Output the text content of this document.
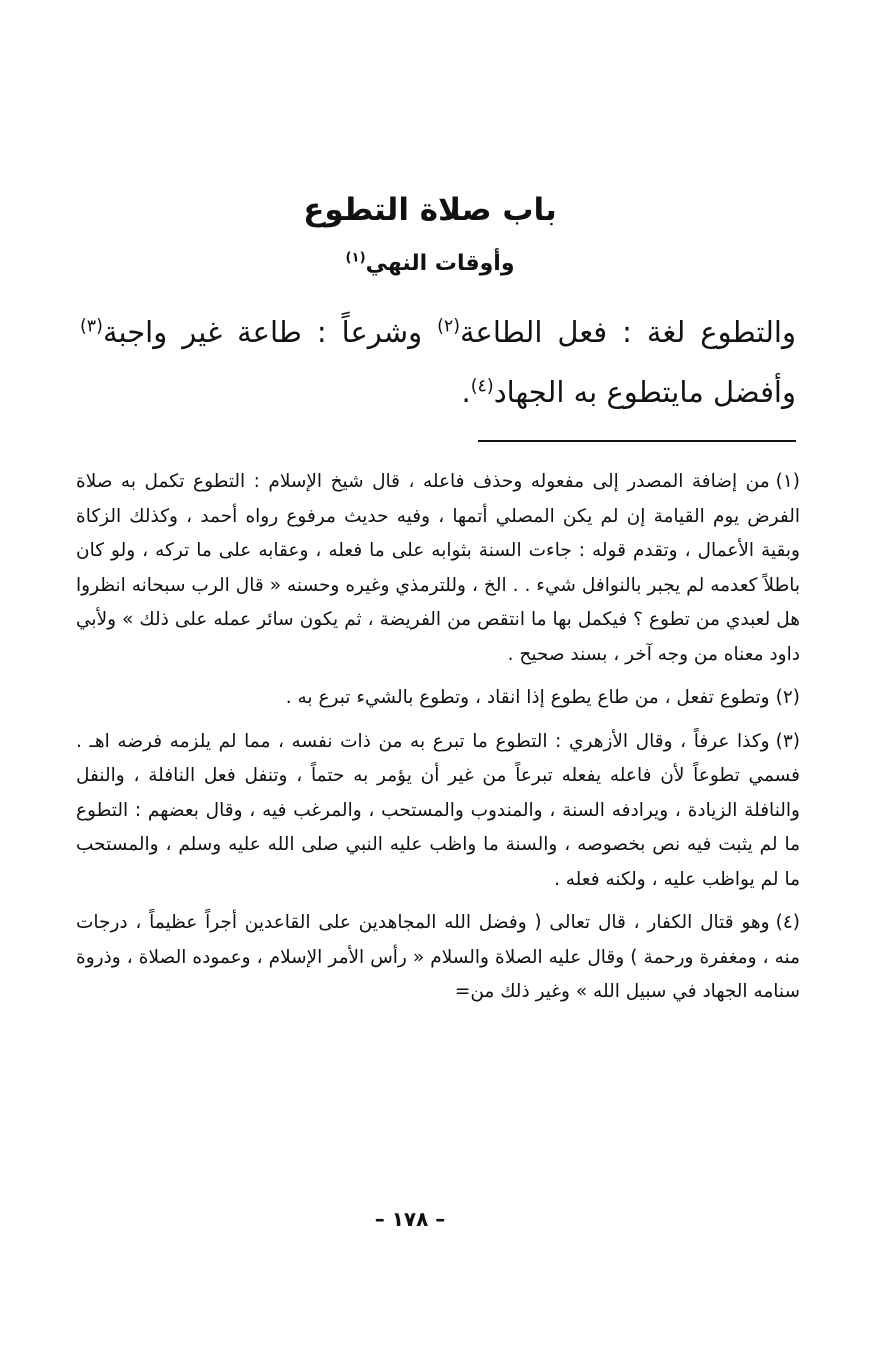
باب صلاة التطوع
وأوقات النهي$^{(١)}$
والتطوع لغة : فعل الطاعة$^{(٢)}$ وشرعاً : طاعة غير واجبة$^{(٣)}$ وأفضل مايتطوع به الجهاد$^{(٤)}$.

(١)من إضافة المصدر إلى مفعوله وحذف فاعله ، قال شيخ الإسلام : التطوع تكمل به صلاة الفرض يوم القيامة إن لم يكن المصلي أتمها ، وفيه حديث مرفوع رواه أحمد ، وكذلك الزكاة وبقية الأعمال ، وتقدم قوله : جاءت السنة بثوابه على ما فعله ، وعقابه على ما تركه ، ولو كان باطلاً كعدمه لم يجبر بالنوافل شيء . . الخ ، وللترمذي وغيره وحسنه « قال الرب سبحانه انظروا هل لعبدي من تطوع ؟ فيكمل بها ما انتقص من الفريضة ، ثم يكون سائر عمله على ذلك » ولأبي داود معناه من وجه آخر ، بسند صحيح .

(٢)وتطوع تفعل ، من طاع يطوع إذا انقاد ، وتطوع بالشيء تبرع به .

(٣)وكذا عرفاً ، وقال الأزهري : التطوع ما تبرع به من ذات نفسه ، مما لم يلزمه فرضه اهـ . فسمي تطوعاً لأن فاعله يفعله تبرعاً من غير أن يؤمر به حتماً ، وتنفل فعل النافلة ، والنفل والنافلة الزيادة ، ويرادفه السنة ، والمندوب والمستحب ، والمرغب فيه ، وقال بعضهم : التطوع ما لم يثبت فيه نص بخصوصه ، والسنة ما واظب عليه النبي صلى الله عليه وسلم ، والمستحب ما لم يواظب عليه ، ولكنه فعله .

(٤)وهو قتال الكفار ، قال تعالى ( وفضل الله المجاهدين على القاعدين أجراً عظيماً ، درجات منه ، ومغفرة ورحمة ) وقال عليه الصلاة والسلام « رأس الأمر الإسلام ، وعموده الصلاة ، وذروة سنامه الجهاد في سبيل الله » وغير ذلك من=

– ١٧٨ –
